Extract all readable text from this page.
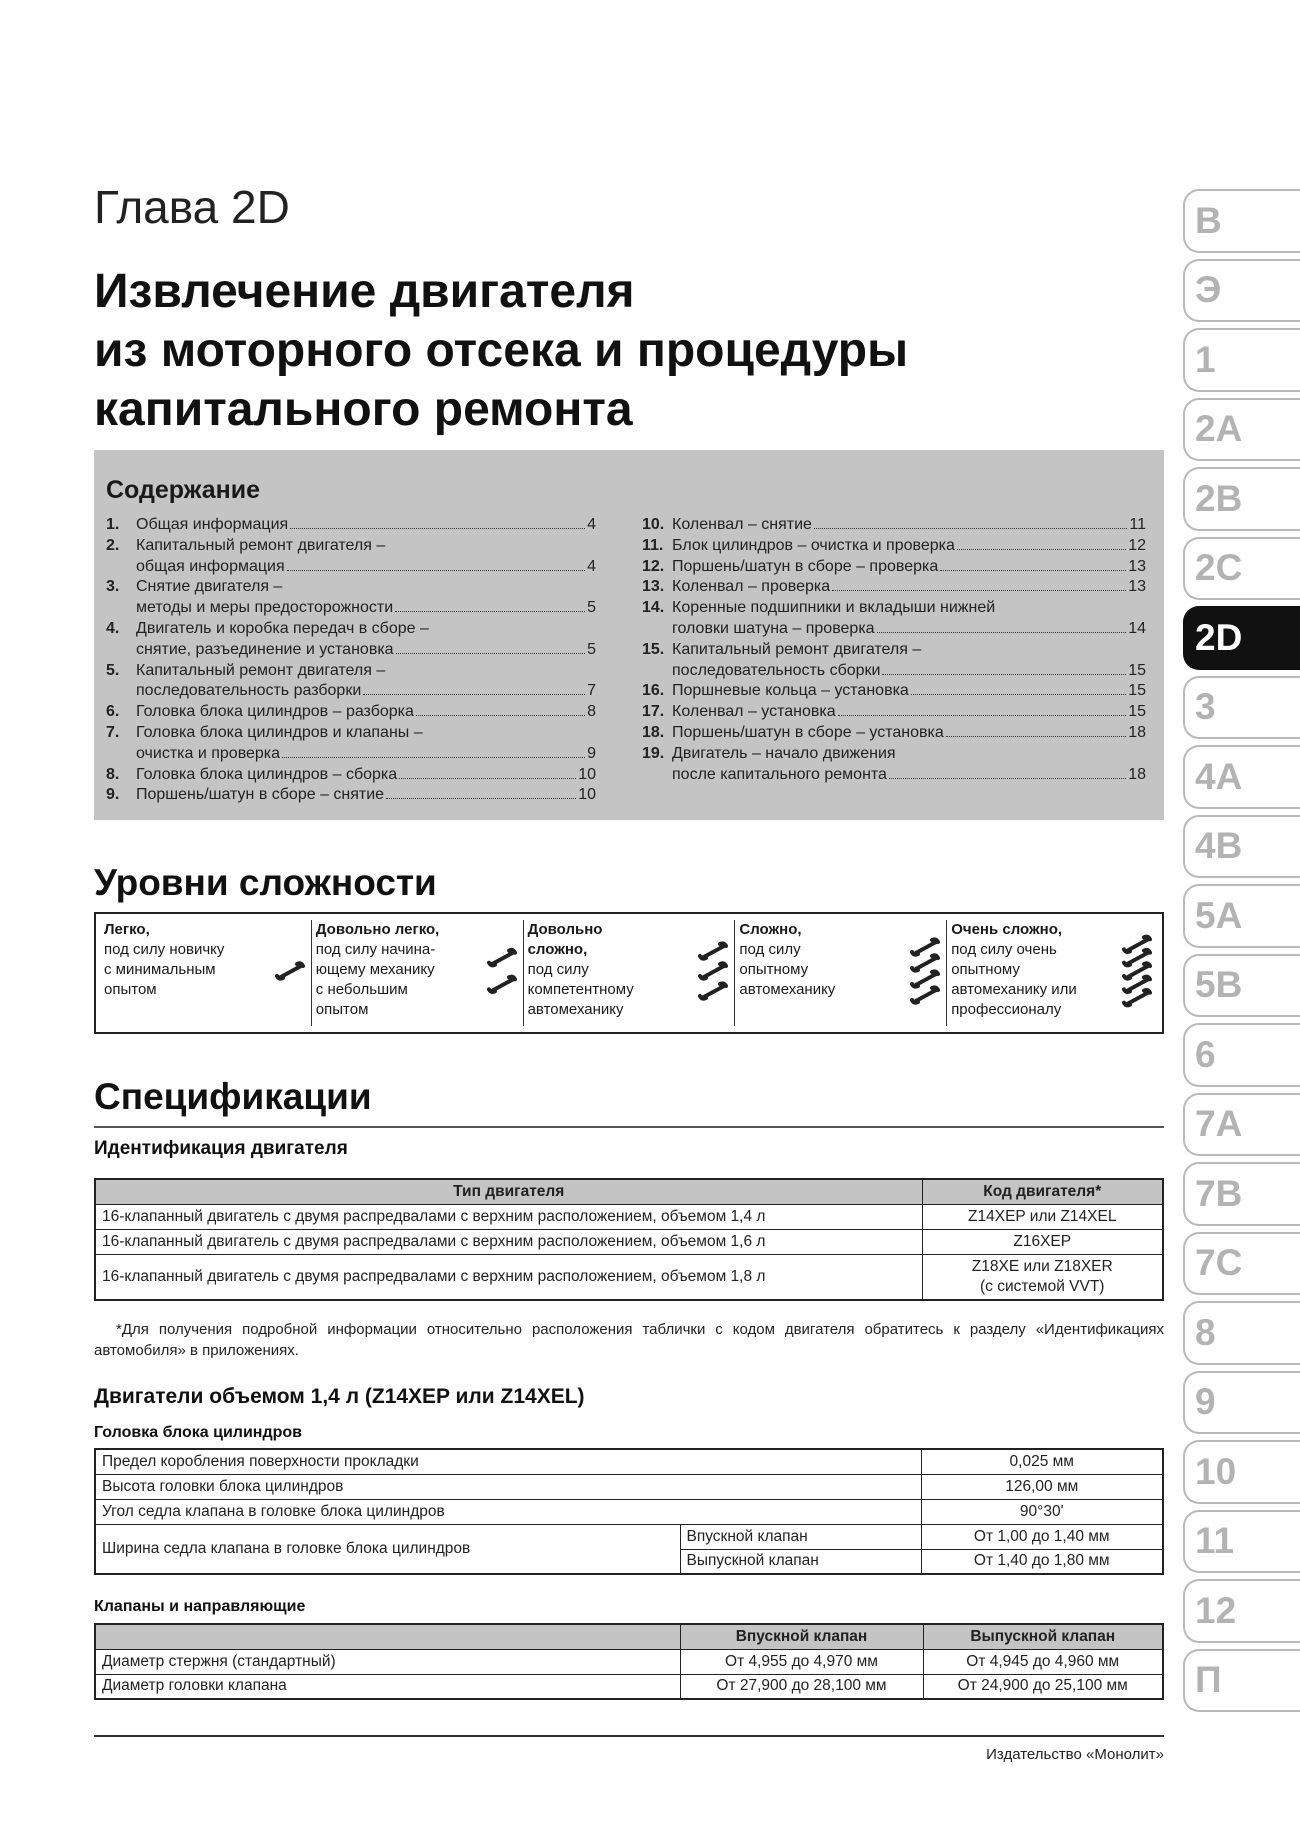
Глава 2D
Извлечение двигателя
из моторного отсека и процедуры
капитального ремонта
Содержание
1.	Общая информация	4
2.	Капитальный ремонт двигателя –
общая информация	4
3.	Снятие двигателя –
методы и меры предосторожности	5
4.	Двигатель и коробка передач в сборе –
снятие, разъединение и установка	5
5.	Капитальный ремонт двигателя –
последовательность разборки	7
6.	Головка блока цилиндров – разборка	8
7.	Головка блока цилиндров и клапаны –
очистка и проверка	9
8.	Головка блока цилиндров – сборка	10
9.	Поршень/шатун в сборе – снятие	10
10. Коленвал – снятие	11
11. Блок цилиндров – очистка и проверка	12
12. Поршень/шатун в сборе – проверка	13
13. Коленвал – проверка	13
14. Коренные подшипники и вкладыши нижней
головки шатуна – проверка	14
15. Капитальный ремонт двигателя –
последовательность сборки	15
16. Поршневые кольца – установка	15
17. Коленвал – установка	15
18. Поршень/шатун в сборе – установка	18
19. Двигатель – начало движения
после капитального ремонта	18
Уровни сложности
Легко,
под силу новичку
с минимальным
опытом
Довольно легко,
под силу начина-
ющему механику
с небольшим
опытом
Довольно
сложно,
под силу
компетентному
автомеханику
Сложно,
под силу
опытному
автомеханику
Очень сложно,
под силу очень
опытному
автомеханику или
профессионалу
Спецификации
Идентификация двигателя
Тип двигателя	Код двигателя*
16-клапанный двигатель с двумя распредвалами с верхним расположением, объемом 1,4 л	Z14XEP или Z14XEL
16-клапанный двигатель с двумя распредвалами с верхним расположением, объемом 1,6 л	Z16XEP
16-клапанный двигатель с двумя распредвалами с верхним расположением, объемом 1,8 л	Z18XE или Z18XER
(с системой VVT)
*Для получения подробной информации относительно расположения таблички с кодом двигателя обратитесь к разделу «Идентификациях автомобиля» в приложениях.
Двигатели объемом 1,4 л (Z14XEP или Z14XEL)
Головка блока цилиндров
Предел коробления поверхности прокладки		0,025 мм
Высота головки блока цилиндров		126,00 мм
Угол седла клапана в головке блока цилиндров		90°30'
Ширина седла клапана в головке блока цилиндров	Впускной клапан	От 1,00 до 1,40 мм
	Выпускной клапан	От 1,40 до 1,80 мм
Клапаны и направляющие
	Впускной клапан	Выпускной клапан
Диаметр стержня (стандартный)	От 4,955 до 4,970 мм	От 4,945 до 4,960 мм
Диаметр головки клапана	От 27,900 до 28,100 мм	От 24,900 до 25,100 мм
Издательство «Монолит»
В
Э
1
2A
2B
2C
2D
3
4A
4B
5A
5B
6
7A
7B
7C
8
9
10
11
12
П
